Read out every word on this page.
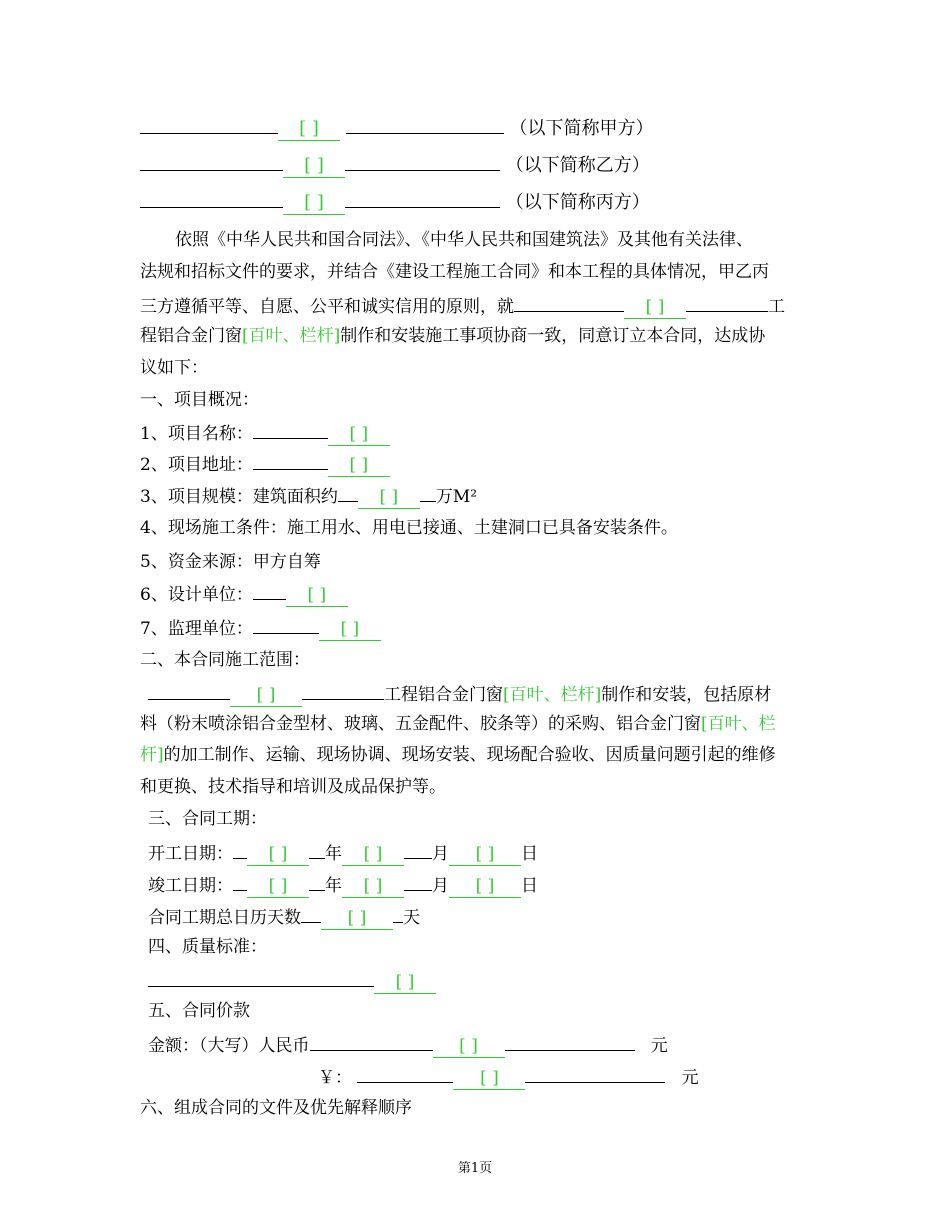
[ ]	（以下简称甲方）
[ ]	（以下简称乙方）
[ ]	（以下简称丙方）
依照《中华人民共和国合同法》、《中华人民共和国建筑法》及其他有关法律、
法规和招标文件的要求，并结合《建设工程施工合同》和本工程的具体情况，甲乙丙
三方遵循平等、自愿、公平和诚实信用的原则，就	[ ]	工
程铝合金门窗[百叶、栏杆]制作和安装施工事项协商一致，同意订立本合同，达成协
议如下：
一、项目概况：
1、项目名称：	[ ]
2、项目地址：	[ ]
3、项目规模：建筑面积约 [ ] 万M²
4、现场施工条件：施工用水、用电已接通、土建洞口已具备安装条件。
5、资金来源：甲方自筹
6、设计单位：	[ ]
7、监理单位：	[ ]
二、本合同施工范围：
[ ]	工程铝合金门窗[百叶、栏杆]制作和安装，包括原材
料（粉末喷涂铝合金型材、玻璃、五金配件、胶条等）的采购、铝合金门窗[百叶、栏
杆]的加工制作、运输、现场协调、现场安装、现场配合验收、因质量问题引起的维修
和更换、技术指导和培训及成品保护等。
三、合同工期：
开工日期： [ ] 年 [ ]	月 [ ] 日
竣工日期： [ ] 年 [ ]	月 [ ] 日
合同工期总日历天数	[ ] 天
四、质量标准：
[ ]
五、合同价款
金额：（大写）人民币	[ ]	元
￥：	[ ]	元
六、组成合同的文件及优先解释顺序
第1页
